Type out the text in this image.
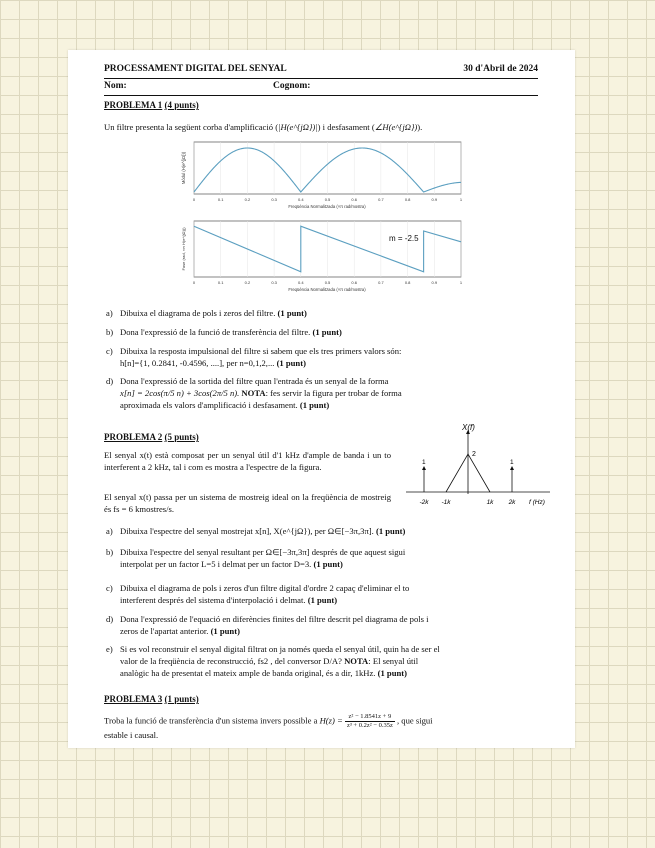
PROCESSAMENT DIGITAL DEL SENYAL	30 d'Abril de 2024
Nom:	Cognom:
PROBLEMA 1 (4 punts)
Un filtre presenta la següent corba d'amplificació (|H(e^{jΩ})|) i desfasament (∠H(e^{jΩ})).
0	0.1	0.2	0.3	0.4	0.5	0.6	0.7	0.8	0.9	1
Freqüència Normalitzada (×π rad/mostra)
Mòdul (H(e^{jΩ}))
0	0.1	0.2	0.3	0.4	0.5	0.6	0.7	0.8	0.9	1
m = -2.5
Freqüència Normalitzada (×π rad/mostra)
Fase (rad, ×π H(e^{jΩ}))
a) Dibuixa el diagrama de pols i zeros del filtre. (1 punt)
b) Dona l'expressió de la funció de transferència del filtre. (1 punt)
c) Dibuixa la resposta impulsional del filtre si sabem que els tres primers valors són:
h[n]={1, 0.2841, -0.4596, ....], per n=0,1,2,... (1 punt)
d) Dona l'expressió de la sortida del filtre quan l'entrada és un senyal de la forma
x[n] = 2cos(π/5 n) + 3cos(2π/5 n). NOTA: fes servir la figura per trobar de forma
aproximada els valors d'amplificació i desfasament. (1 punt)
PROBLEMA 2 (5 punts)
El senyal x(t) està composat per un senyal útil d'1 kHz d'ample de banda i un to interferent a 2 kHz, tal i com es mostra a l'espectre de la figura.
El senyal x(t) passa per un sistema de mostreig ideal on la freqüència de mostreig és fs = 6 kmostres/s.
X(f)
f (Hz)
2
1	1
-2k -1k	1k 2k
a) Dibuixa l'espectre del senyal mostrejat x[n], X(e^{jΩ}), per Ω∈[−3π,3π]. (1 punt)
b) Dibuixa l'espectre del senyal resultant per Ω∈[−3π,3π] després de que aquest sigui
interpolat per un factor L=5 i delmat per un factor D=3. (1 punt)
c) Dibuixa el diagrama de pols i zeros d'un filtre digital d'ordre 2 capaç d'eliminar el to
interferent després del sistema d'interpolació i delmat. (1 punt)
d) Dona l'expressió de l'equació en diferències finites del filtre descrit pel diagrama de pols i
zeros de l'apartat anterior. (1 punt)
e) Si es vol reconstruir el senyal digital filtrat on ja només queda el senyal útil, quin ha de ser el
valor de la freqüència de reconstrucció, fs2 , del conversor D/A? NOTA: El senyal útil
analògic ha de presentat el mateix ample de banda original, és a dir, 1kHz. (1 punt)
PROBLEMA 3 (1 punts)
Troba la funció de transferència d'un sistema invers possible a $H(z) = \frac{\text{z² − 1.8541z + 9}}{\text{z³ + 0.2z² − 0.35z}}$ , que sigui
estable i causal.
